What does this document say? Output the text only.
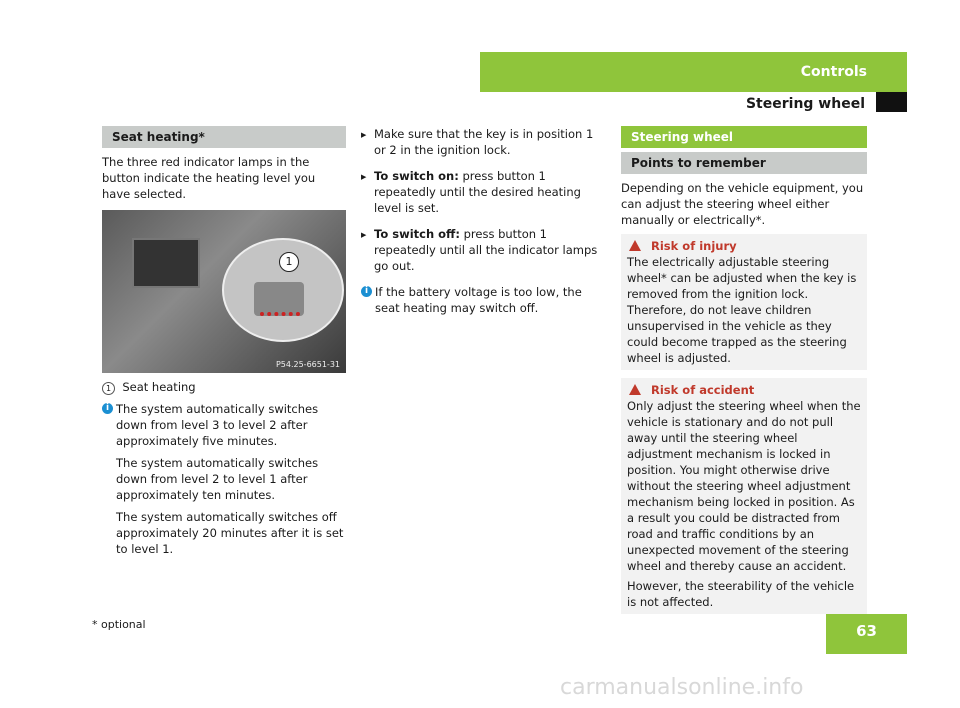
Controls
Steering wheel
Seat heating*

The three red indicator lamps in the button indicate the heating level you have selected.

1
P54.25-6651-31

1 Seat heating

i The system automatically switches down from level 3 to level 2 after approximately five minutes.

The system automatically switches down from level 2 to level 1 after approximately ten minutes.

The system automatically switches off approximately 20 minutes after it is set to level 1.

▶ Make sure that the key is in position 1 or 2 in the ignition lock.

▶ To switch on: press button 1 repeatedly until the desired heating level is set.

▶ To switch off: press button 1 repeatedly until all the indicator lamps go out.

i If the battery voltage is too low, the seat heating may switch off.

Steering wheel
Points to remember

Depending on the vehicle equipment, you can adjust the steering wheel either manually or electrically*.

Risk of injury

The electrically adjustable steering wheel* can be adjusted when the key is removed from the ignition lock. Therefore, do not leave children unsupervised in the vehicle as they could become trapped as the steering wheel is adjusted.

Risk of accident

Only adjust the steering wheel when the vehicle is stationary and do not pull away until the steering wheel adjustment mechanism is locked in position. You might otherwise drive without the steering wheel adjustment mechanism being locked in position. As a result you could be distracted from road and traffic conditions by an unexpected movement of the steering wheel and thereby cause an accident.

However, the steerability of the vehicle is not affected.

* optional	63
carmanualsonline.info
